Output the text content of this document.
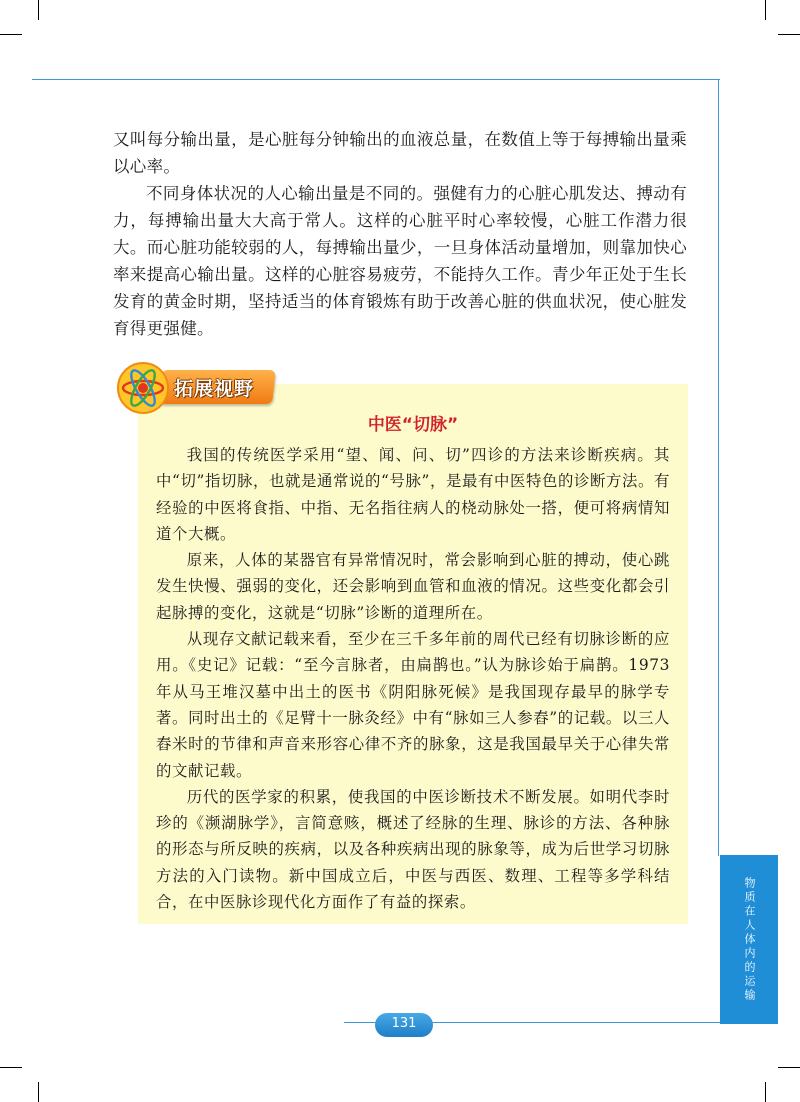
又叫每分输出量，是心脏每分钟输出的血液总量，在数值上等于每搏输出量乘以心率。

不同身体状况的人心输出量是不同的。强健有力的心脏心肌发达、搏动有力，每搏输出量大大高于常人。这样的心脏平时心率较慢，心脏工作潜力很大。而心脏功能较弱的人，每搏输出量少，一旦身体活动量增加，则靠加快心率来提高心输出量。这样的心脏容易疲劳，不能持久工作。青少年正处于生长发育的黄金时期，坚持适当的体育锻炼有助于改善心脏的供血状况，使心脏发育得更强健。

中医“切脉”

我国的传统医学采用“望、闻、问、切”四诊的方法来诊断疾病。其中“切”指切脉，也就是通常说的“号脉”，是最有中医特色的诊断方法。有经验的中医将食指、中指、无名指往病人的桡动脉处一搭，便可将病情知道个大概。

原来，人体的某器官有异常情况时，常会影响到心脏的搏动，使心跳发生快慢、强弱的变化，还会影响到血管和血液的情况。这些变化都会引起脉搏的变化，这就是“切脉”诊断的道理所在。

从现存文献记载来看，至少在三千多年前的周代已经有切脉诊断的应用。《史记》记载：“至今言脉者，由扁鹊也。”认为脉诊始于扁鹊。1973年从马王堆汉墓中出土的医书《阴阳脉死候》是我国现存最早的脉学专著。同时出土的《足臂十一脉灸经》中有“脉如三人参舂”的记载。以三人舂米时的节律和声音来形容心律不齐的脉象，这是我国最早关于心律失常的文献记载。

历代的医学家的积累，使我国的中医诊断技术不断发展。如明代李时珍的《濒湖脉学》，言简意赅，概述了经脉的生理、脉诊的方法、各种脉的形态与所反映的疾病，以及各种疾病出现的脉象等，成为后世学习切脉方法的入门读物。新中国成立后，中医与西医、数理、工程等多学科结合，在中医脉诊现代化方面作了有益的探索。

拓展视野
物质在人体内的运输
131
